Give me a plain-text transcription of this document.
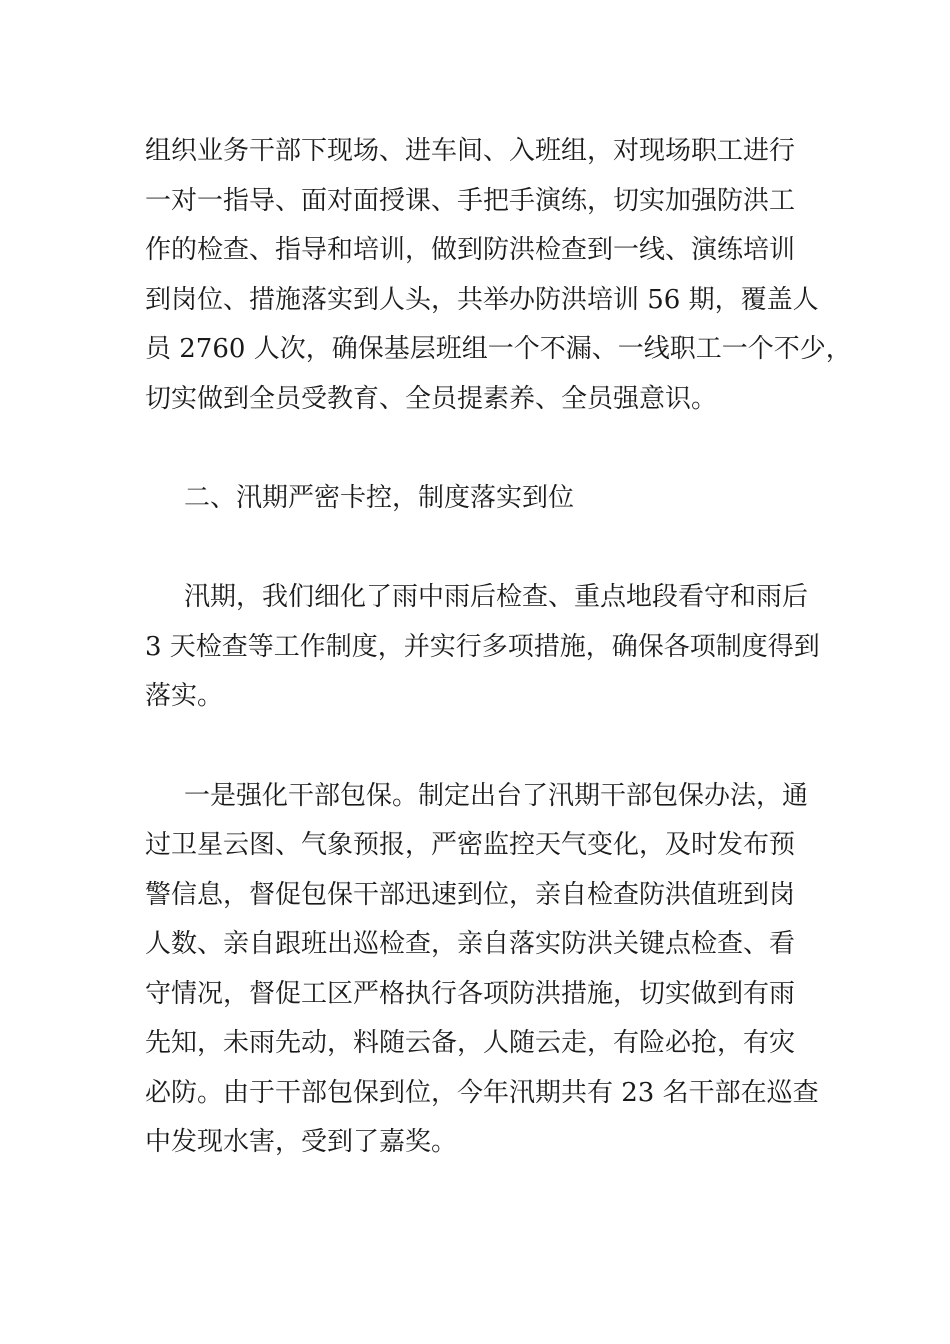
组织业务干部下现场、进车间、入班组，对现场职工进行
一对一指导、面对面授课、手把手演练，切实加强防洪工
作的检查、指导和培训，做到防洪检查到一线、演练培训
到岗位、措施落实到人头，共举办防洪培训 56 期，覆盖人
员 2760 人次，确保基层班组一个不漏、一线职工一个不少，
切实做到全员受教育、全员提素养、全员强意识。
二、汛期严密卡控，制度落实到位
汛期，我们细化了雨中雨后检查、重点地段看守和雨后
3 天检查等工作制度，并实行多项措施，确保各项制度得到
落实。
一是强化干部包保。制定出台了汛期干部包保办法，通
过卫星云图、气象预报，严密监控天气变化，及时发布预
警信息，督促包保干部迅速到位，亲自检查防洪值班到岗
人数、亲自跟班出巡检查，亲自落实防洪关键点检查、看
守情况，督促工区严格执行各项防洪措施，切实做到有雨
先知，未雨先动，料随云备，人随云走，有险必抢，有灾
必防。由于干部包保到位，今年汛期共有 23 名干部在巡查
中发现水害，受到了嘉奖。
